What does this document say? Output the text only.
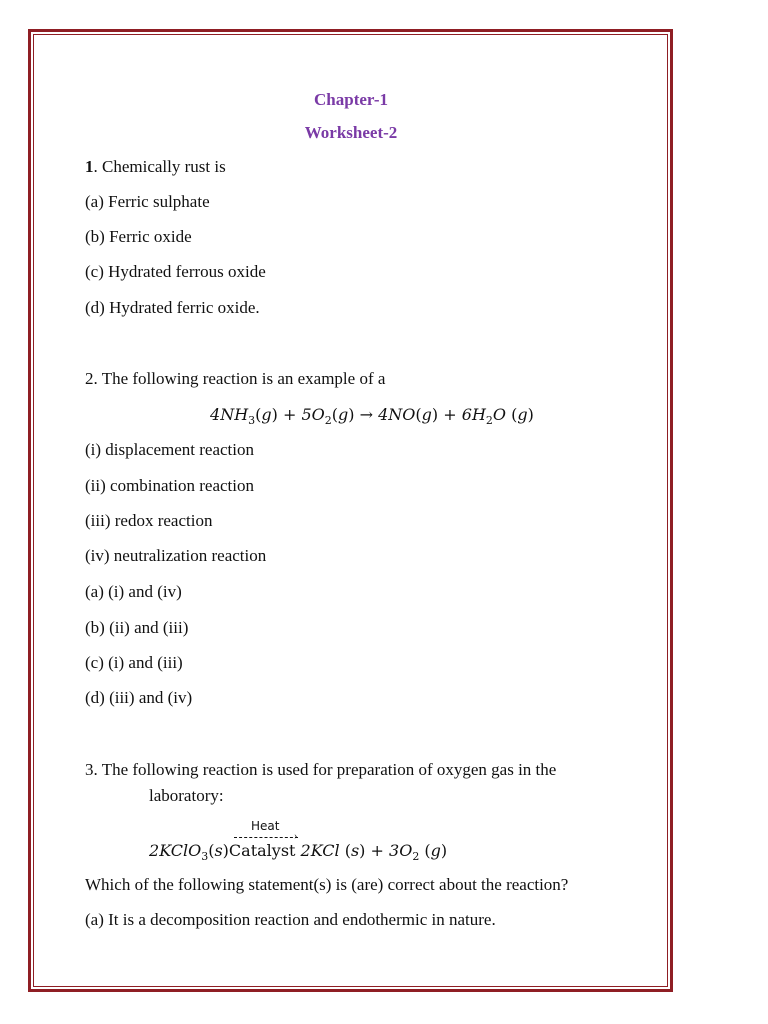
Chapter-1
Worksheet-2
1. Chemically rust is
(a) Ferric sulphate
(b) Ferric oxide
(c) Hydrated ferrous oxide
(d) Hydrated ferric oxide.
2. The following reaction is an example of a
$4NH_3(g) + 5O_2(g) \to 4NO(g) + 6H_2O$ (g)
(i) displacement reaction
(ii) combination reaction
(iii) redox reaction
(iv) neutralization reaction
(a) (i) and (iv)
(b) (ii) and (iii)
(c) (i) and (iii)
(d) (iii) and (iv)
3. The following reaction is used for preparation of oxygen gas in the
laboratory:
Heat
›
2KClO$_3$(s)Catalyst 2KCl $(s) + 3O_2$ (g)
Which of the following statement(s) is (are) correct about the reaction?
(a) It is a decomposition reaction and endothermic in nature.
